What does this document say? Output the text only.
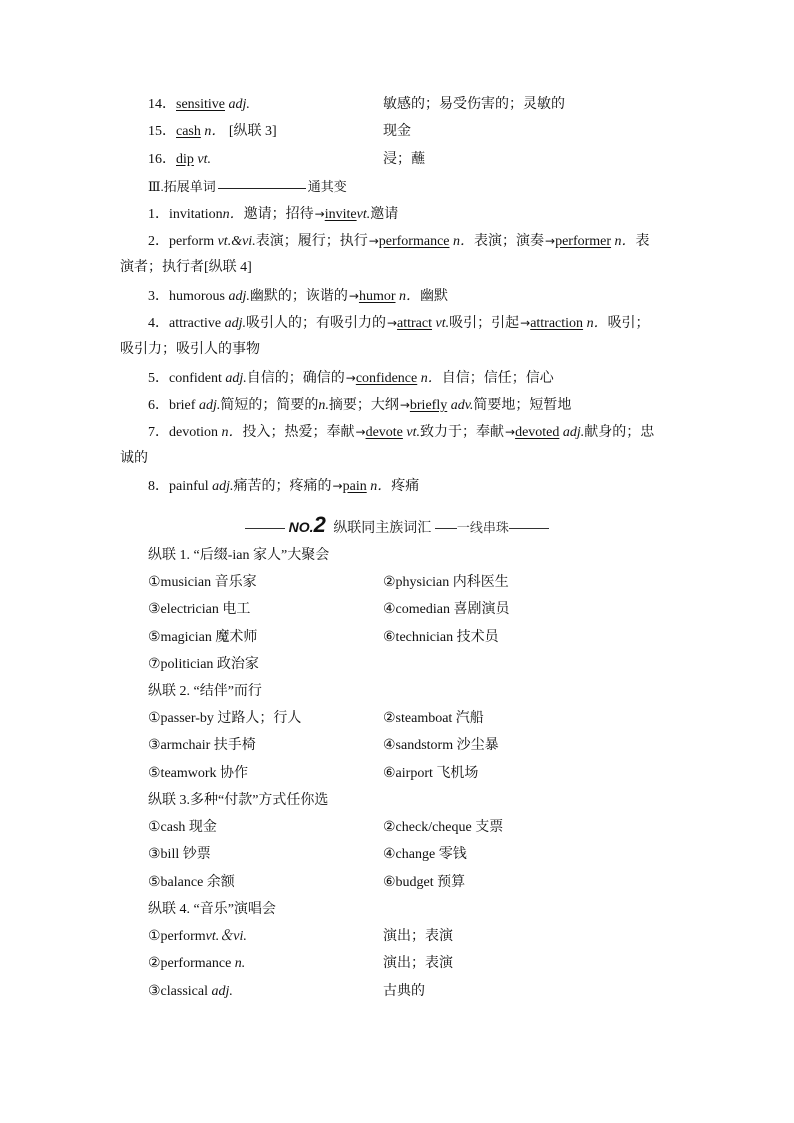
14．sensitive adj.	敏感的；易受伤害的；灵敏的
15．cash n． [纵联 3]	现金
16．dip vt.	浸；蘸
Ⅲ.拓展单词	通其变
1．invitationn．邀请；招待→invitevt.邀请
2．perform vt.&vi.表演；履行；执行→performance n．表演；演奏→performer n．表
演者；执行者[纵联 4]
3．humorous adj.幽默的；诙谐的→humor n．幽默
4．attractive adj.吸引人的；有吸引力的→attract vt.吸引；引起→attraction n．吸引；
吸引力；吸引人的事物
5．confident adj.自信的；确信的→confidence n．自信；信任；信心
6．brief adj.简短的；简要的n.摘要；大纲→briefly adv.简要地；短暂地
7．devotion n．投入；热爱；奉献→devote vt.致力于；奉献→devoted adj.献身的；忠
诚的
8．painful adj.痛苦的；疼痛的→pain n．疼痛
NO.2 纵联同主族词汇 一线串珠
纵联 1. “后缀-ian 家人”大聚会
①musician 音乐家	②physician 内科医生
③electrician 电工	④comedian 喜剧演员
⑤magician 魔术师	⑥technician 技术员
⑦politician 政治家
纵联 2. “结伴”而行
①passer-by 过路人；行人	②steamboat 汽船
③armchair 扶手椅	④sandstorm 沙尘暴
⑤teamwork 协作	⑥airport 飞机场
纵联 3.多种“付款”方式任你选
①cash 现金	②check/cheque 支票
③bill 钞票	④change 零钱
⑤balance 余额	⑥budget 预算
纵联 4. “音乐”演唱会
①performvt.＆vi.	演出；表演
②performance n.	演出；表演
③classical adj.	古典的
